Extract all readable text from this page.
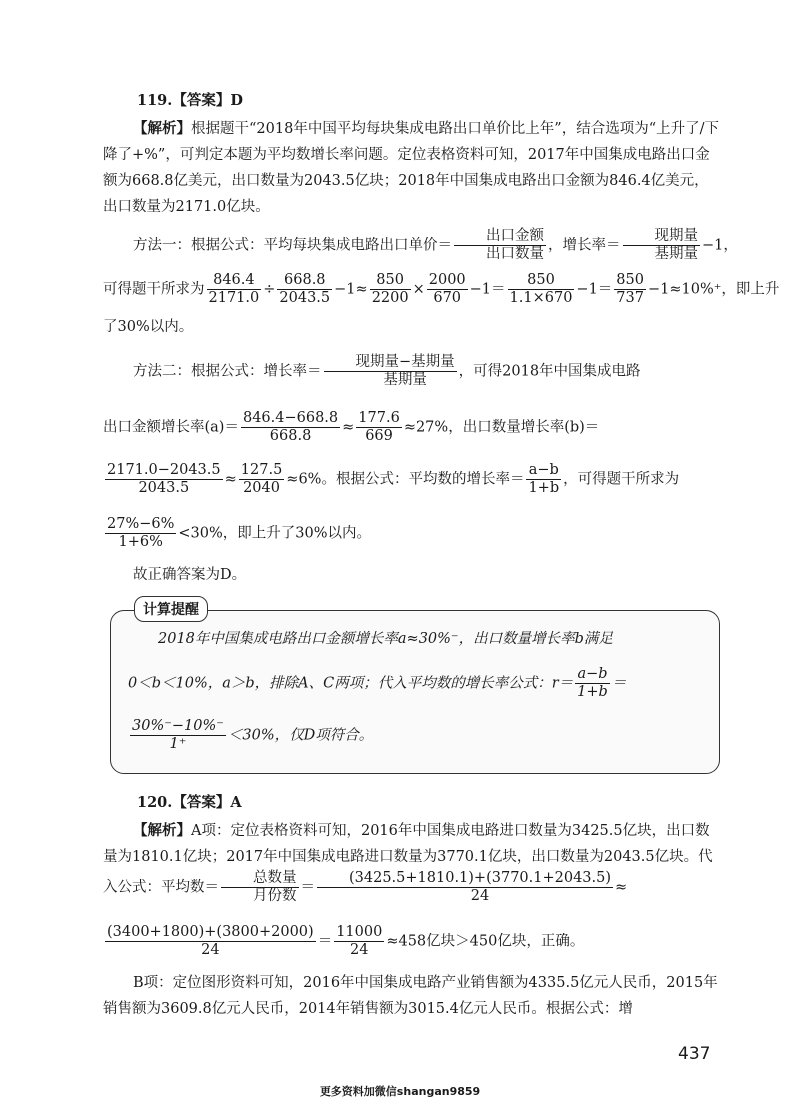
119.【答案】D
【解析】根据题干“2018年中国平均每块集成电路出口单价比上年”，结合选项为“上升了/下降了+%”，可判定本题为平均数增长率问题。定位表格资料可知，2017年中国集成电路出口金额为668.8亿美元，出口数量为2043.5亿块；2018年中国集成电路出口金额为846.4亿美元，出口数量为2171.0亿块。
方法一：根据公式：平均每块集成电路出口单价＝ $\frac{\text{出口金额}}{\text{出口数量}}$ ，增长率＝ $\frac{\text{现期量}}{\text{基期量}} -1$，
可得题干所求为 $\frac{846.4}{2171.0} \div \frac{668.8}{2043.5} -1\approx \frac{850}{2200} \times \frac{2000}{670} -1= \frac{850}{1.1\times 670} -1= \frac{850}{737} -1\approx 10\%^+$，即上升
了30%以内。
方法二：根据公式：增长率＝ $\frac{\text{现期量−基期量}}{\text{基期量}}$ ，可得2018年中国集成电路
出口金额增长率$(a)= \frac{846.4-668.8}{668.8} \approx \frac{177.6}{669} \approx 27\%$，出口数量增长率(b)＝
$\frac{2171.0-2043.5}{2043.5} \approx \frac{127.5}{2040} \approx 6\%$。根据公式：平均数的增长率＝ $\frac{a-b}{1+b}$ ，可得题干所求为
$\frac{27\%-6\%}{1+6\%} <30\%$，即上升了30%以内。
故正确答案为D。
计算提醒
2018年中国集成电路出口金额增长率a≈30%⁻，出口数量增长率b满足
0＜b＜10%，a＞b，排除A、C两项；代入平均数的增长率公式：$r= \frac{a-b}{1+b}$ ＝
$\frac{30\%^--10\%^-}{1^+} <30\%$，仅D项符合。
120.【答案】A
【解析】A项：定位表格资料可知，2016年中国集成电路进口数量为3425.5亿块，出口数量为1810.1亿块；2017年中国集成电路进口数量为3770.1亿块，出口数量为2043.5亿块。代入公式：平均数＝ $\frac{\text{总数量}}{\text{月份数}} = \frac{(3425.5+1810.1)+(3770.1+2043.5)}{24}$ ≈
$\frac{(3400+1800)+(3800+2000)}{24} = \frac{11000}{24} \approx 458$亿块＞450亿块，正确。
B项：定位图形资料可知，2016年中国集成电路产业销售额为4335.5亿元人民币，2015年销售额为3609.8亿元人民币，2014年销售额为3015.4亿元人民币。根据公式：增
437
更多资料加微信shangan9859
